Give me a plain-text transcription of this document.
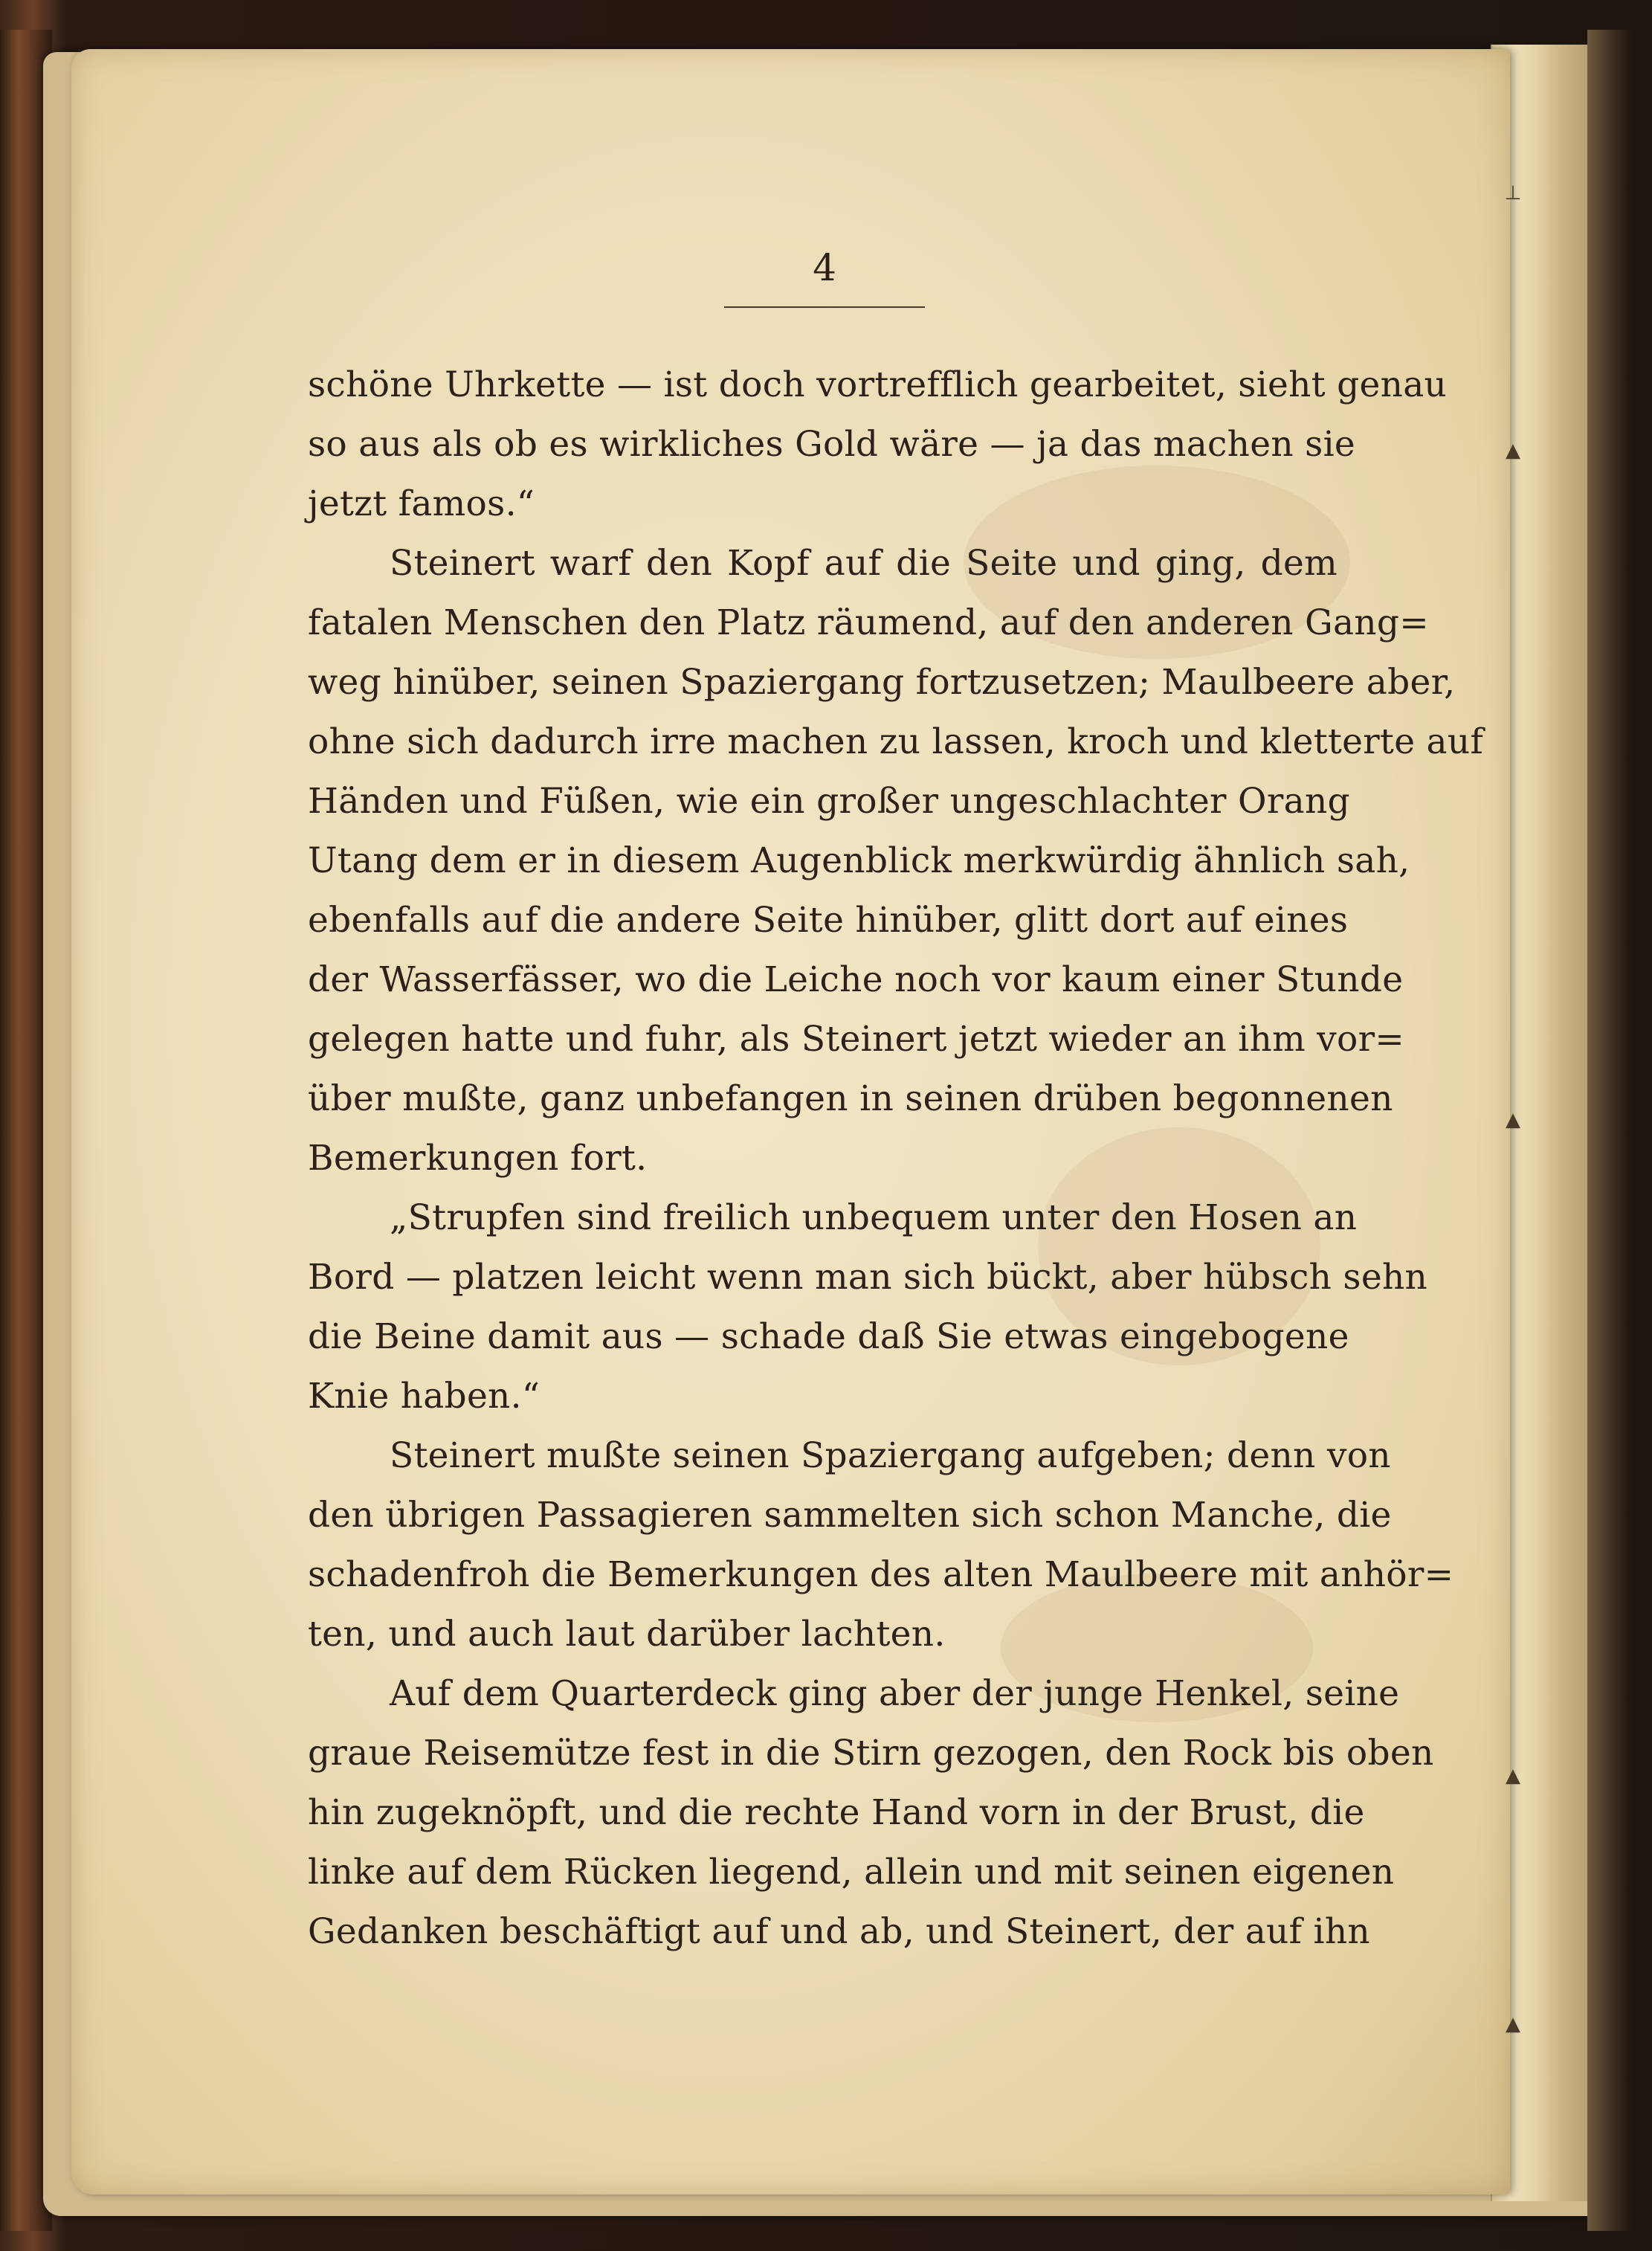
⊥
▲
▲
▲
▲
4
schöne Uhrkette — ist doch vortrefflich gearbeitet, sieht genau
so aus als ob es wirkliches Gold wäre — ja das machen sie
jetzt famos.“
Steinert warf den Kopf auf die Seite und ging, dem
fatalen Menschen den Platz räumend, auf den anderen Gang=
weg hinüber, seinen Spaziergang fortzusetzen; Maulbeere aber,
ohne sich dadurch irre machen zu lassen, kroch und kletterte auf
Händen und Füßen, wie ein großer ungeschlachter Orang
Utang dem er in diesem Augenblick merkwürdig ähnlich sah,
ebenfalls auf die andere Seite hinüber, glitt dort auf eines
der Wasserfässer, wo die Leiche noch vor kaum einer Stunde
gelegen hatte und fuhr, als Steinert jetzt wieder an ihm vor=
über mußte, ganz unbefangen in seinen drüben begonnenen
Bemerkungen fort.
„Strupfen sind freilich unbequem unter den Hosen an
Bord — platzen leicht wenn man sich bückt, aber hübsch sehn
die Beine damit aus — schade daß Sie etwas eingebogene
Knie haben.“
Steinert mußte seinen Spaziergang aufgeben; denn von
den übrigen Passagieren sammelten sich schon Manche, die
schadenfroh die Bemerkungen des alten Maulbeere mit anhör=
ten, und auch laut darüber lachten.
Auf dem Quarterdeck ging aber der junge Henkel, seine
graue Reisemütze fest in die Stirn gezogen, den Rock bis oben
hin zugeknöpft, und die rechte Hand vorn in der Brust, die
linke auf dem Rücken liegend, allein und mit seinen eigenen
Gedanken beschäftigt auf und ab, und Steinert, der auf ihn
